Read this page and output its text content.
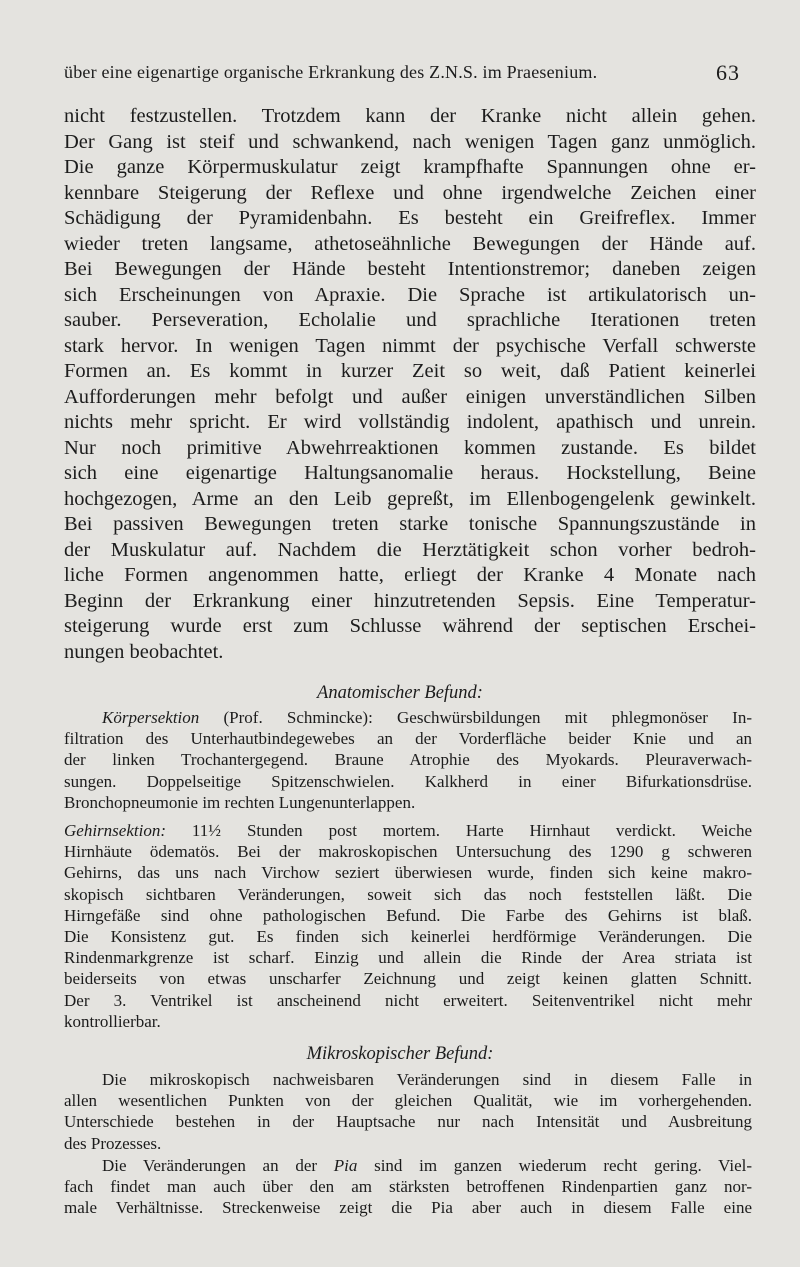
über eine eigenartige organische Erkrankung des Z.N.S. im Praesenium.	63
nicht festzustellen. Trotzdem kann der Kranke nicht allein gehen.
Der Gang ist steif und schwankend, nach wenigen Tagen ganz unmöglich.
Die ganze Körpermuskulatur zeigt krampfhafte Spannungen ohne er-
kennbare Steigerung der Reflexe und ohne irgendwelche Zeichen einer
Schädigung der Pyramidenbahn. Es besteht ein Greifreflex. Immer
wieder treten langsame, athetoseähnliche Bewegungen der Hände auf.
Bei Bewegungen der Hände besteht Intentionstremor; daneben zeigen
sich Erscheinungen von Apraxie. Die Sprache ist artikulatorisch un-
sauber. Perseveration, Echolalie und sprachliche Iterationen treten
stark hervor. In wenigen Tagen nimmt der psychische Verfall schwerste
Formen an. Es kommt in kurzer Zeit so weit, daß Patient keinerlei
Aufforderungen mehr befolgt und außer einigen unverständlichen Silben
nichts mehr spricht. Er wird vollständig indolent, apathisch und unrein.
Nur noch primitive Abwehrreaktionen kommen zustande. Es bildet
sich eine eigenartige Haltungsanomalie heraus. Hockstellung, Beine
hochgezogen, Arme an den Leib gepreßt, im Ellenbogengelenk gewinkelt.
Bei passiven Bewegungen treten starke tonische Spannungszustände in
der Muskulatur auf. Nachdem die Herztätigkeit schon vorher bedroh-
liche Formen angenommen hatte, erliegt der Kranke 4 Monate nach
Beginn der Erkrankung einer hinzutretenden Sepsis. Eine Temperatur-
steigerung wurde erst zum Schlusse während der septischen Erschei-
nungen beobachtet.
Anatomischer Befund:
Körpersektion (Prof. Schmincke): Geschwürsbildungen mit phlegmonöser In-
filtration des Unterhautbindegewebes an der Vorderfläche beider Knie und an
der linken Trochantergegend. Braune Atrophie des Myokards. Pleuraverwach-
sungen. Doppelseitige Spitzenschwielen. Kalkherd in einer Bifurkationsdrüse.
Bronchopneumonie im rechten Lungenunterlappen.
Gehirnsektion: 11½ Stunden post mortem. Harte Hirnhaut verdickt. Weiche
Hirnhäute ödematös. Bei der makroskopischen Untersuchung des 1290 g schweren
Gehirns, das uns nach Virchow seziert überwiesen wurde, finden sich keine makro-
skopisch sichtbaren Veränderungen, soweit sich das noch feststellen läßt. Die
Hirngefäße sind ohne pathologischen Befund. Die Farbe des Gehirns ist blaß.
Die Konsistenz gut. Es finden sich keinerlei herdförmige Veränderungen. Die
Rindenmarkgrenze ist scharf. Einzig und allein die Rinde der Area striata ist
beiderseits von etwas unscharfer Zeichnung und zeigt keinen glatten Schnitt.
Der 3. Ventrikel ist anscheinend nicht erweitert. Seitenventrikel nicht mehr
kontrollierbar.
Mikroskopischer Befund:
Die mikroskopisch nachweisbaren Veränderungen sind in diesem Falle in
allen wesentlichen Punkten von der gleichen Qualität, wie im vorhergehenden.
Unterschiede bestehen in der Hauptsache nur nach Intensität und Ausbreitung
des Prozesses.
Die Veränderungen an der Pia sind im ganzen wiederum recht gering. Viel-
fach findet man auch über den am stärksten betroffenen Rindenpartien ganz nor-
male Verhältnisse. Streckenweise zeigt die Pia aber auch in diesem Falle eine
